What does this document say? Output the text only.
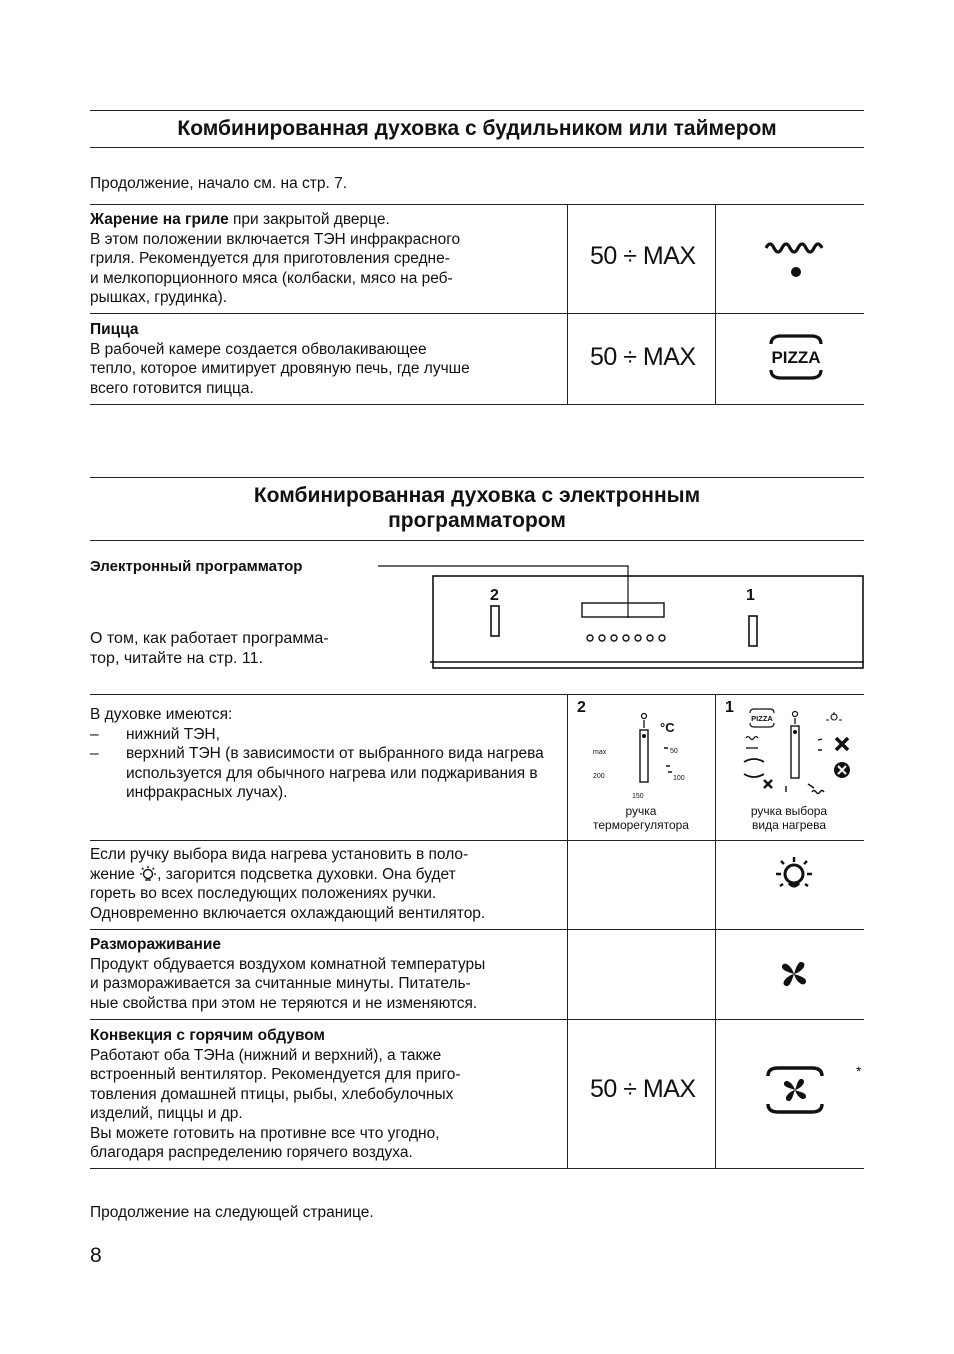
Комбинированная духовка с будильником или таймером
Продолжение, начало см. на стр. 7.
Жарение на гриле при закрытой дверце.
В этом положении включается ТЭН инфракрасного
гриля. Рекомендуется для приготовления средне-
и мелкопорционного мяса (колбаски, мясо на реб-
рышках, грудинка).
50 ÷ MAX
Пицца
В рабочей камере создается обволакивающее
тепло, которое имитирует дровяную печь, где лучше
всего готовится пицца.
50 ÷ MAX	PIZZA
Комбинированная духовка с электронным
программатором
Электронный программатор
О том, как работает программа-
тор, читайте на стр. 11.
2	1
В духовке имеются:
– нижний ТЭН,
– верхний ТЭН (в зависимости от выбранного вида нагрева используется для обычного нагрева или поджаривания в инфракрасных лучах).
2
°C
50
100
150
200
max
ручка
терморегулятора
1
PIZZA
ручка выбора
вида нагрева
Если ручку выбора вида нагрева установить в поло-
жение , загорится подсветка духовки. Она будет
гореть во всех последующих положениях ручки.
Одновременно включается охлаждающий вентилятор.
Размораживание
Продукт обдувается воздухом комнатной температуры
и размораживается за считанные минуты. Питатель-
ные свойства при этом не теряются и не изменяются.
Конвекция с горячим обдувом
Работают оба ТЭНа (нижний и верхний), а также
встроенный вентилятор. Рекомендуется для приго-
товления домашней птицы, рыбы, хлебобулочных
изделий, пиццы и др.
Вы можете готовить на противне все что угодно,
благодаря распределению горячего воздуха.
50 ÷ MAX
*
Продолжение на следующей странице.
8
